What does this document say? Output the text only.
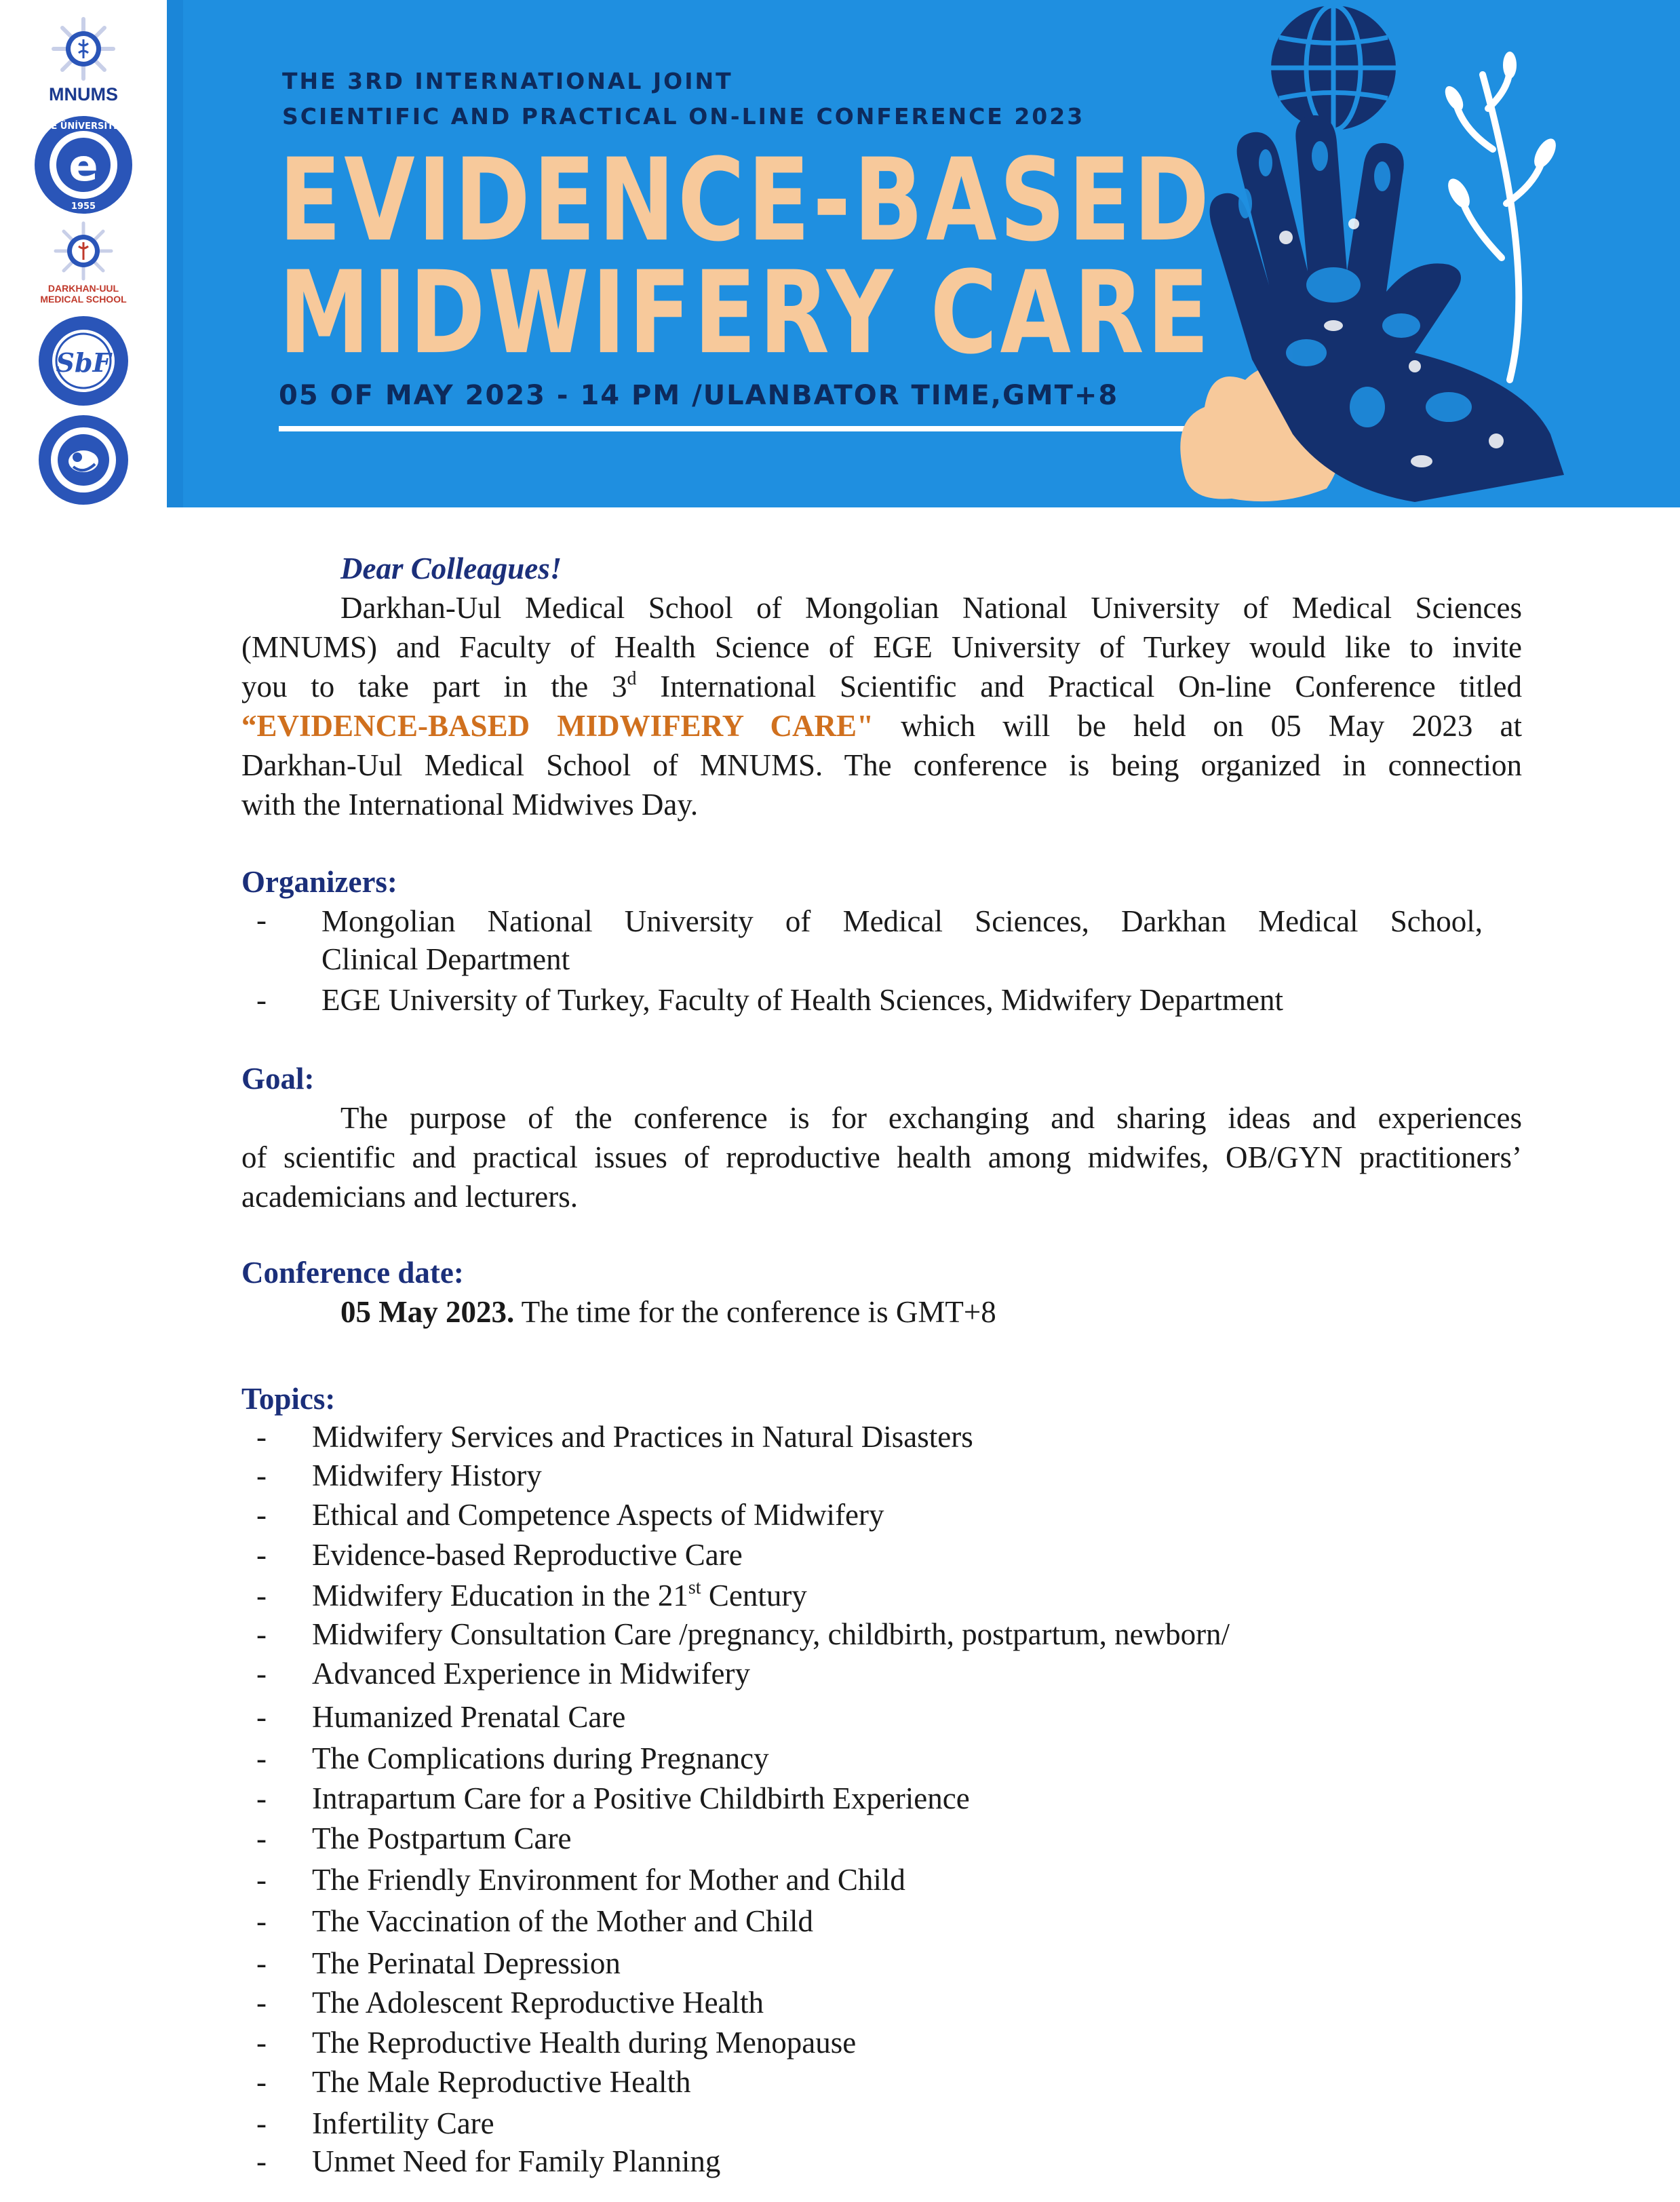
MNUMS
e
EGE ÜNİVERSİTESİ
1955
DARKHAN-UUL
MEDICAL SCHOOL
SbF
THE 3RD INTERNATIONAL JOINT
SCIENTIFIC AND PRACTICAL ON-LINE CONFERENCE 2023
EVIDENCE-BASED
MIDWIFERY CARE
05 OF MAY 2023 - 14 PM /ULANBATOR TIME,GMT+8
Dear Colleagues!
Darkhan-Uul Medical School of Mongolian National University of Medical Sciences
(MNUMS) and Faculty of Health Science of EGE University of Turkey would like to invite
you to take part in the 3$^d$ International Scientific and Practical On-line Conference titled
“EVIDENCE-BASED MIDWIFERY CARE" which will be held on 05 May 2023 at
Darkhan-Uul Medical School of MNUMS. The conference is being organized in connection
with the International Midwives Day.
Organizers:
- Mongolian National University of Medical Sciences, Darkhan Medical School,
Clinical Department
- EGE University of Turkey, Faculty of Health Sciences, Midwifery Department
Goal:
The purpose of the conference is for exchanging and sharing ideas and experiences
of scientific and practical issues of reproductive health among midwifes, OB/GYN practitioners’
academicians and lecturers.
Conference date:
05 May 2023. The time for the conference is GMT+8
Topics:
- Midwifery Services and Practices in Natural Disasters
- Midwifery History
- Ethical and Competence Aspects of Midwifery
- Evidence-based Reproductive Care
- Midwifery Education in the 21st Century
- Midwifery Consultation Care /pregnancy, childbirth, postpartum, newborn/
- Advanced Experience in Midwifery
- Humanized Prenatal Care
- The Complications during Pregnancy
- Intrapartum Care for a Positive Childbirth Experience
- The Postpartum Care
- The Friendly Environment for Mother and Child
- The Vaccination of the Mother and Child
- The Perinatal Depression
- The Adolescent Reproductive Health
- The Reproductive Health during Menopause
- The Male Reproductive Health
- Infertility Care
- Unmet Need for Family Planning
